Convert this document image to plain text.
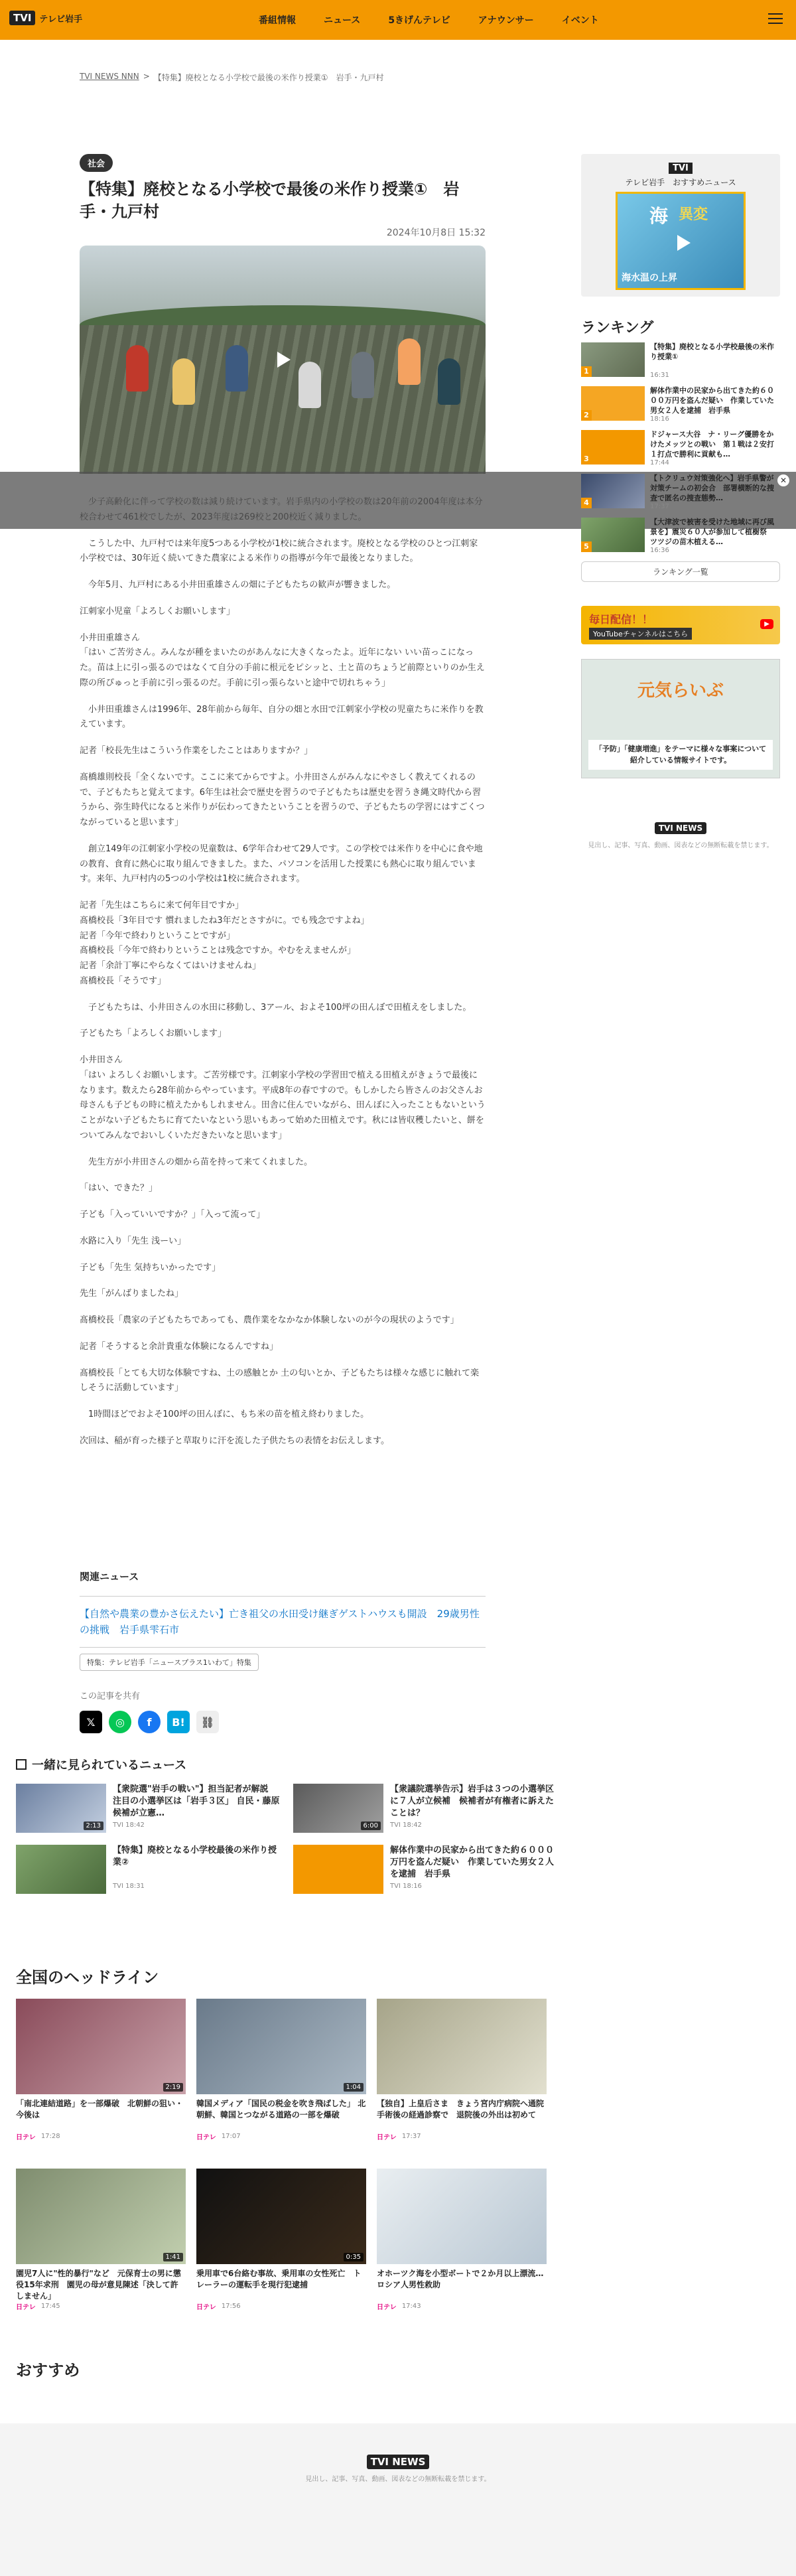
TVI テレビ岩手	番組情報	ニュース	5きげんテレビ	アナウンサー	イベント
TVI NEWS NNN > 【特集】廃校となる小学校で最後の米作り授業①　岩手・九戸村
社会
【特集】廃校となる小学校で最後の米作り授業①　岩手・九戸村
2024年10月8日 15:32

　こうした中、九戸村では来年度5つある小学校が1校に統合されます。廃校となる学校のひとつ江刺家小学校では、30年近く続いてきた農家による米作りの指導が今年で最後となりました。

　今年5月、九戸村にある小井田重雄さんの畑に子どもたちの歓声が響きました。

江刺家小児童「よろしくお願いします」

小井田重雄さん
「はい ご苦労さん。みんなが種をまいたのがあんなに大きくなったよ。近年にない いい苗っこになった。苗は上に引っ張るのではなくて自分の手前に根元をピシッと、土と苗のちょうど前際といりのか生え際の所ぴゅっと手前に引っ張るのだ。手前に引っ張らないと途中で切れちゃう」

　小井田重雄さんは1996年、28年前から毎年、自分の畑と水田で江刺家小学校の児童たちに米作りを教えています。

記者「校長先生はこういう作業をしたことはありますか？」

髙橋雄則校長「全くないです。ここに来てからですよ。小井田さんがみんなにやさしく教えてくれるので、子どもたちと覚えてます。6年生は社会で歴史を習うので子どもたちは歴史を習うき縄文時代から習うから、弥生時代になると米作りが伝わってきたということを習うので、子どもたちの学習にはすごくつながっていると思います」

　創立149年の江刺家小学校の児童数は、6学年合わせて29人です。この学校では米作りを中心に食や地の教育、食育に熱心に取り組んできました。また、パソコンを活用した授業にも熱心に取り組んでいます。来年、九戸村内の5つの小学校は1校に統合されます。

記者「先生はこちらに来て何年目ですか」
髙橋校長「3年目です 慣れましたね3年だとさすがに。でも残念ですよね」
記者「今年で終わりということですが」
髙橋校長「今年で終わりということは残念ですか。やむをえませんが」
記者「余計丁寧にやらなくてはいけませんね」
髙橋校長「そうです」

　子どもたちは、小井田さんの水田に移動し、3アール、およそ100坪の田んぼで田植えをしました。

子どもたち「よろしくお願いします」

小井田さん
「はい よろしくお願いします。ご苦労様です。江刺家小学校の学習田で植える田植えがきょうで最後になります。数えたら28年前からやっています。平成8年の春ですので。もしかしたら皆さんのお父さんお母さんも子どもの時に植えたかもしれません。田舎に住んでいながら、田んぼに入ったこともないということがない子どもたちに育てたいなという思いもあって始めた田植えです。秋には皆収穫したいと、餅をついてみんなでおいしくいただきたいなと思います」

　先生方が小井田さんの畑から苗を持って来てくれました。

「はい、できた？」

子ども「入っていいですか？」「入って流って」

水路に入り「先生 浅ーい」

子ども「先生 気持ちいかったです」

先生「がんばりましたね」

髙橋校長「農家の子どもたちであっても、農作業をなかなか体験しないのが今の現状のようです」

記者「そうすると余計貴重な体験になるんですね」

髙橋校長「とても大切な体験ですね、土の感触とか 土の匂いとか、子どもたちは様々な感じに触れて楽しそうに活動しています」

　1時間ほどでおよそ100坪の田んぼに、もち米の苗を植え終わりました。

次回は、稲が育った様子と草取りに汗を流した子供たちの表情をお伝えします。

✕
関連ニュース
【自然や農業の豊かさ伝えたい】亡き祖父の水田受け継ぎゲストハウスも開設　29歳男性の挑戦　岩手県雫石市
特集：テレビ岩手「ニュースプラス1いわて」特集
この記事を共有
𝕏	◎	f	B!	⛓
TVI
テレビ岩手　おすすめニュース
海 異変
海水温の上昇
ランキング
1
【特集】廃校となる小学校最後の米作り授業①
16:31
2
解体作業中の民家から出てきた約６０００万円を盗んだ疑い　作業していた男女２人を逮捕　岩手県
18:16
3
ドジャース大谷　ナ・リーグ優勝をかけたメッツとの戦い　第１戦は２安打１打点で勝利に貢献も…
17:44
4
【トクリュウ対策強化へ】岩手県警が対策チームの初会合　部署横断的な捜査で匿名の捜査態勢…
17:37
5
【大津波で被害を受けた地域に再び風景を】震災６０人が参加して植樹祭　ツツジの苗木植える…
16:36
ランキング一覧
毎日配信！！
YouTubeチャンネルはこちら
▶
元気らいぶ
「予防」「健康増進」をテーマに様々な事案について紹介している情報サイトです。
TVI NEWS
見出し、記事、写真、動画、図表などの無断転載を禁じます。
一緒に見られているニュース
2:13
【衆院選"岩手の戦い"】担当記者が解説　注目の小選挙区は「岩手３区」 自民・藤原候補が立憲…
TVI 18:42	6:00
【衆議院選挙告示】岩手は３つの小選挙区に７人が立候補　候補者が有権者に訴えたことは？
TVI 18:42
【特集】廃校となる小学校最後の米作り授業②
TVI 18:31
解体作業中の民家から出てきた約６０００万円を盗んだ疑い　作業していた男女２人を逮捕　岩手県
TVI 18:16
全国のヘッドライン
2:19
「南北連結道路」を一部爆破　北朝鮮の狙い・今後は
日テレ 17:28
1:04
韓国メディア「国民の税金を吹き飛ばした」 北朝鮮、韓国とつながる道路の一部を爆破
日テレ 17:07
【独自】上皇后さま　きょう宮内庁病院へ通院　手術後の経過診察で　退院後の外出は初めて
日テレ 17:37
1:41
園児7人に"性的暴行"など　元保育士の男に懲役15年求刑　園児の母が意見陳述「決して許しません」
日テレ 17:45
0:35
乗用車で6台絡む事故、乗用車の女性死亡　トレーラーの運転手を現行犯逮捕
日テレ 17:56
オホーツク海を小型ボートで２か月以上漂流…ロシア人男性救助
日テレ 17:43
おすすめ
TVI NEWS
見出し、記事、写真、動画、図表などの無断転載を禁じます。
